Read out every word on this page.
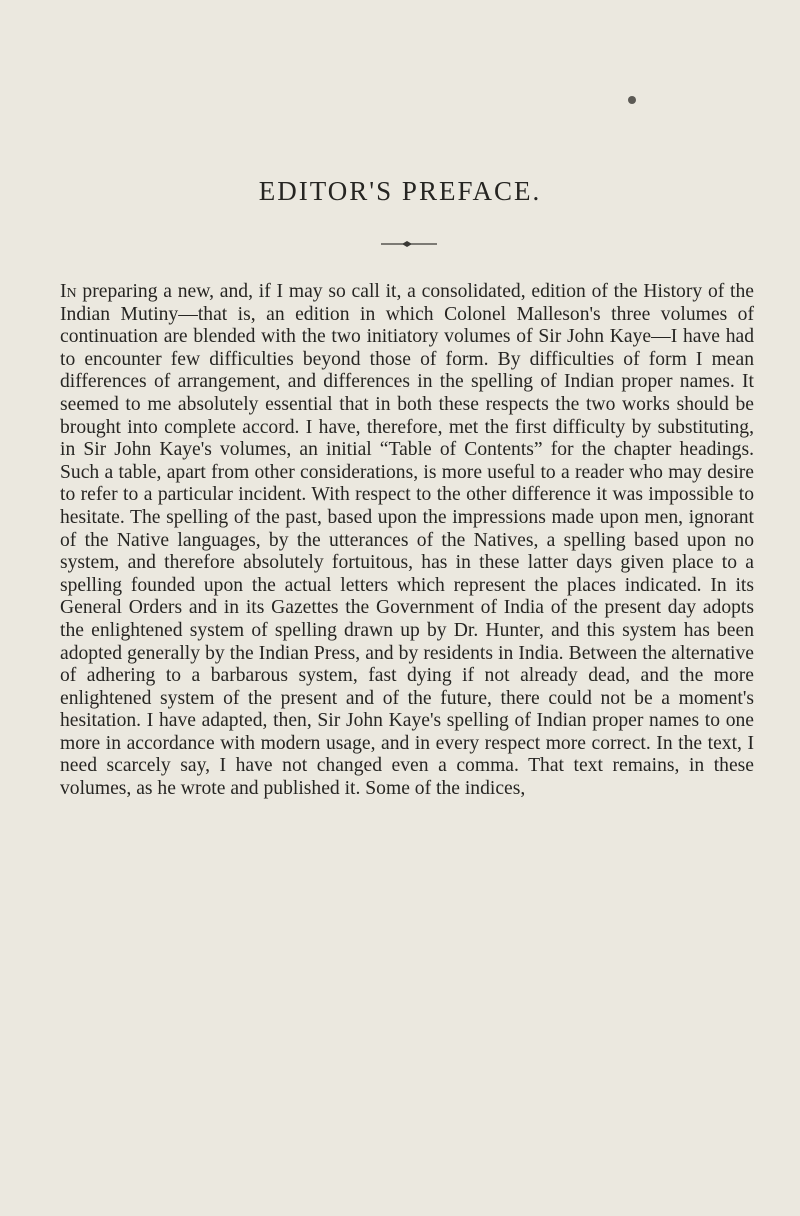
EDITOR'S PREFACE.

In preparing a new, and, if I may so call it, a consolidated, edition of the History of the Indian Mutiny—that is, an edition in which Colonel Malleson's three volumes of continuation are blended with the two initiatory volumes of Sir John Kaye—I have had to encounter few difficulties beyond those of form. By difficulties of form I mean differences of arrangement, and differences in the spelling of Indian proper names. It seemed to me absolutely essential that in both these respects the two works should be brought into complete accord. I have, therefore, met the first difficulty by substituting, in Sir John Kaye's volumes, an initial “Table of Contents” for the chapter headings. Such a table, apart from other considerations, is more useful to a reader who may desire to refer to a particular incident. With respect to the other difference it was impossible to hesitate. The spelling of the past, based upon the impressions made upon men, ignorant of the Native languages, by the utterances of the Natives, a spelling based upon no system, and therefore absolutely fortuitous, has in these latter days given place to a spelling founded upon the actual letters which represent the places indicated. In its General Orders and in its Gazettes the Government of India of the present day adopts the enlightened system of spelling drawn up by Dr. Hunter, and this system has been adopted generally by the Indian Press, and by residents in India. Between the alternative of adhering to a barbarous system, fast dying if not already dead, and the more enlightened system of the present and of the future, there could not be a moment's hesitation. I have adapted, then, Sir John Kaye's spelling of Indian proper names to one more in accordance with modern usage, and in every respect more correct. In the text, I need scarcely say, I have not changed even a comma. That text remains, in these volumes, as he wrote and published it. Some of the indices,
